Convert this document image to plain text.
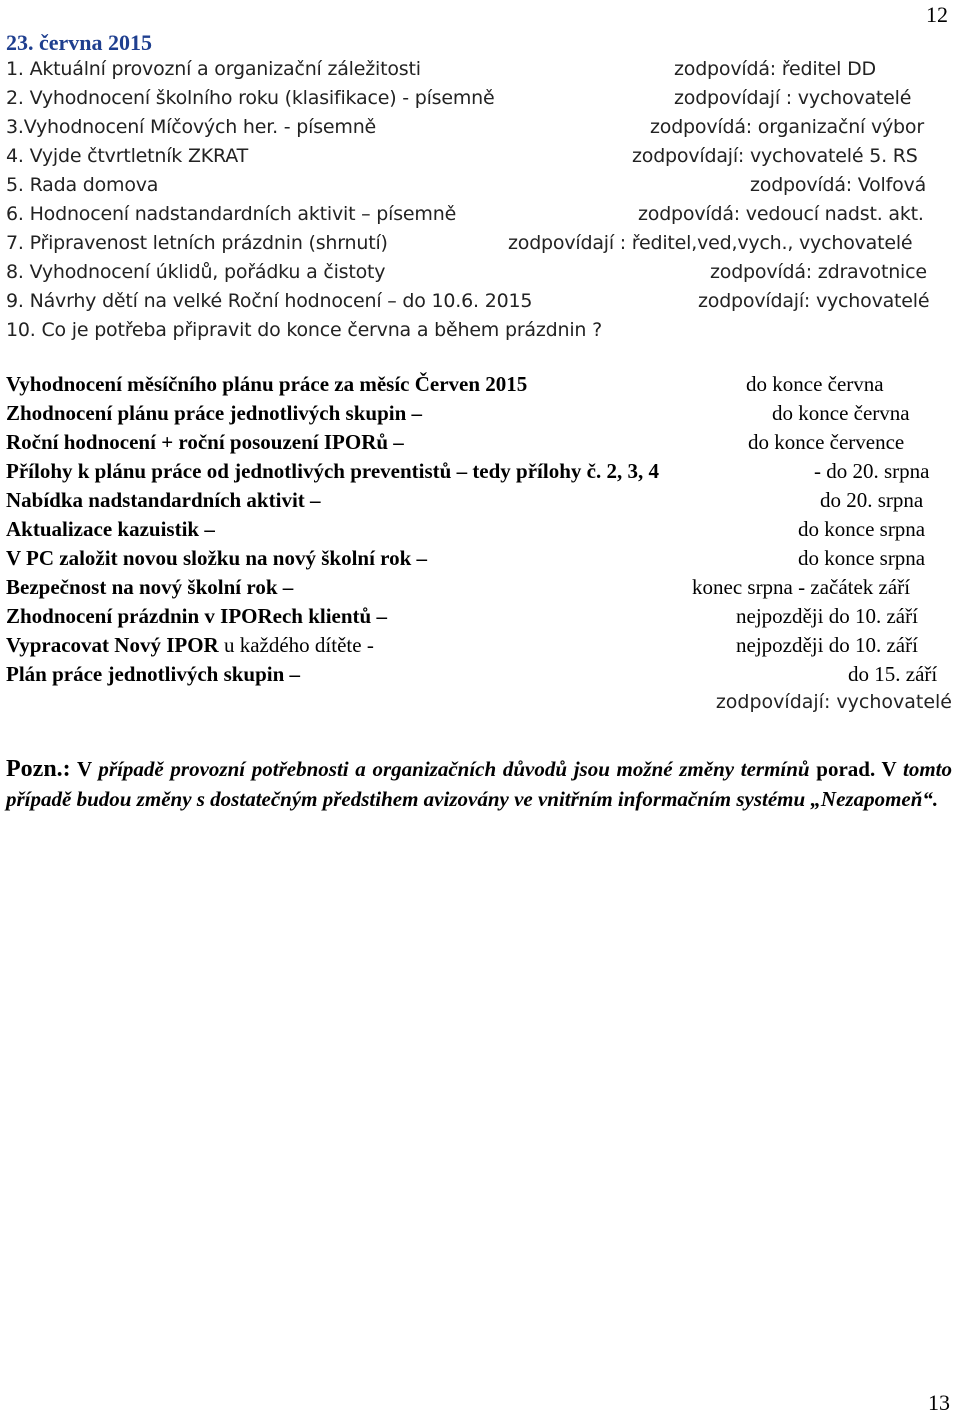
12
23. června 2015
1. Aktuální provozní a organizační záležitosti	zodpovídá: ředitel DD
2. Vyhodnocení školního roku (klasifikace) - písemně	zodpovídají : vychovatelé
3.Vyhodnocení Míčových her. - písemně	zodpovídá: organizační výbor
4. Vyjde čtvrtletník ZKRAT	zodpovídají: vychovatelé 5. RS
5. Rada domova	zodpovídá: Volfová
6. Hodnocení nadstandardních aktivit – písemně	zodpovídá: vedoucí nadst. akt.
7. Připravenost letních prázdnin (shrnutí)	zodpovídají : ředitel,ved,vych., vychovatelé
8. Vyhodnocení úklidů, pořádku a čistoty	zodpovídá: zdravotnice
9. Návrhy dětí na velké Roční hodnocení – do 10.6. 2015	zodpovídají: vychovatelé
10. Co je potřeba připravit do konce června a během prázdnin ?
Vyhodnocení měsíčního plánu práce za měsíc Červen 2015	do konce června
Zhodnocení plánu práce jednotlivých skupin –	do konce června
Roční hodnocení + roční posouzení IPORů –	do konce července
Přílohy k plánu práce od jednotlivých preventistů – tedy přílohy č. 2, 3, 4	- do 20. srpna
Nabídka nadstandardních aktivit –	do 20. srpna
Aktualizace kazuistik –	do konce srpna
V PC založit novou složku na nový školní rok –	do konce srpna
Bezpečnost na nový školní rok –	konec srpna - začátek září
Zhodnocení prázdnin v IPORech klientů –	nejpozději do 10. září
Vypracovat Nový IPOR u každého dítěte -	nejpozději do 10. září
Plán práce jednotlivých skupin –	do 15. září
zodpovídají: vychovatelé
Pozn.: V případě provozní potřebnosti a organizačních důvodů jsou možné změny termínů porad. V tomto případě budou změny s dostatečným předstihem avizovány ve vnitřním informačním systému „Nezapomeň“.
13
